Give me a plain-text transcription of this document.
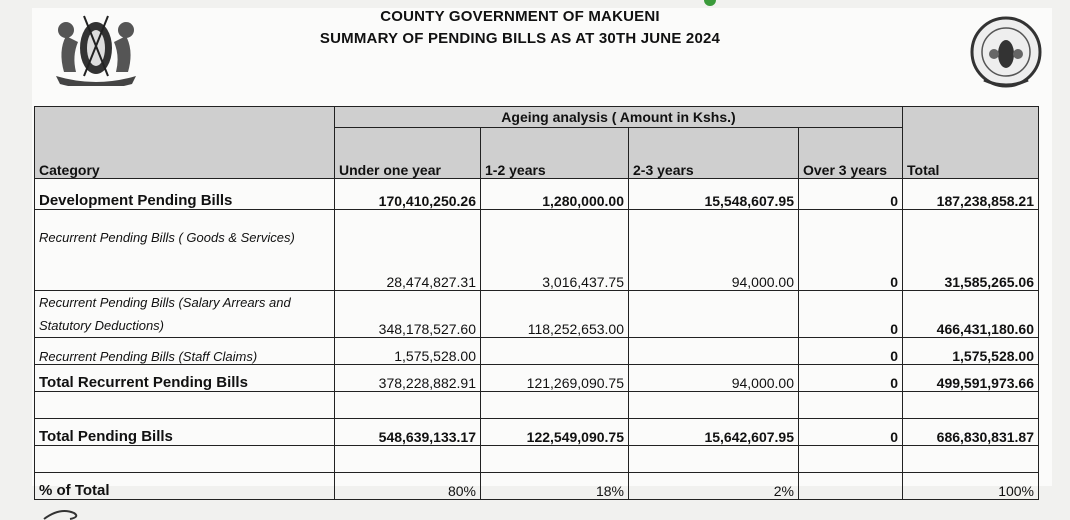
COUNTY GOVERNMENT OF MAKUENI
SUMMARY OF PENDING BILLS AS AT 30TH JUNE 2024
	Ageing analysis ( Amount in Kshs.)				
Category	Under one year	1-2 years	2-3 years	Over 3 years	Total
Development Pending Bills	170,410,250.26	1,280,000.00	15,548,607.95	0	187,238,858.21
Recurrent Pending Bills ( Goods & Services)	28,474,827.31	3,016,437.75	94,000.00	0	31,585,265.06

Recurrent Pending Bills (Salary Arrears and
Statutory Deductions)	348,178,527.60	118,252,653.00		0	466,431,180.60
Recurrent Pending Bills (Staff Claims)	1,575,528.00			0	1,575,528.00
Total Recurrent Pending Bills	378,228,882.91	121,269,090.75	94,000.00	0	499,591,973.66

Total Pending Bills	548,639,133.17	122,549,090.75	15,642,607.95	0	686,830,831.87

% of Total	80%	18%	2%		100%
